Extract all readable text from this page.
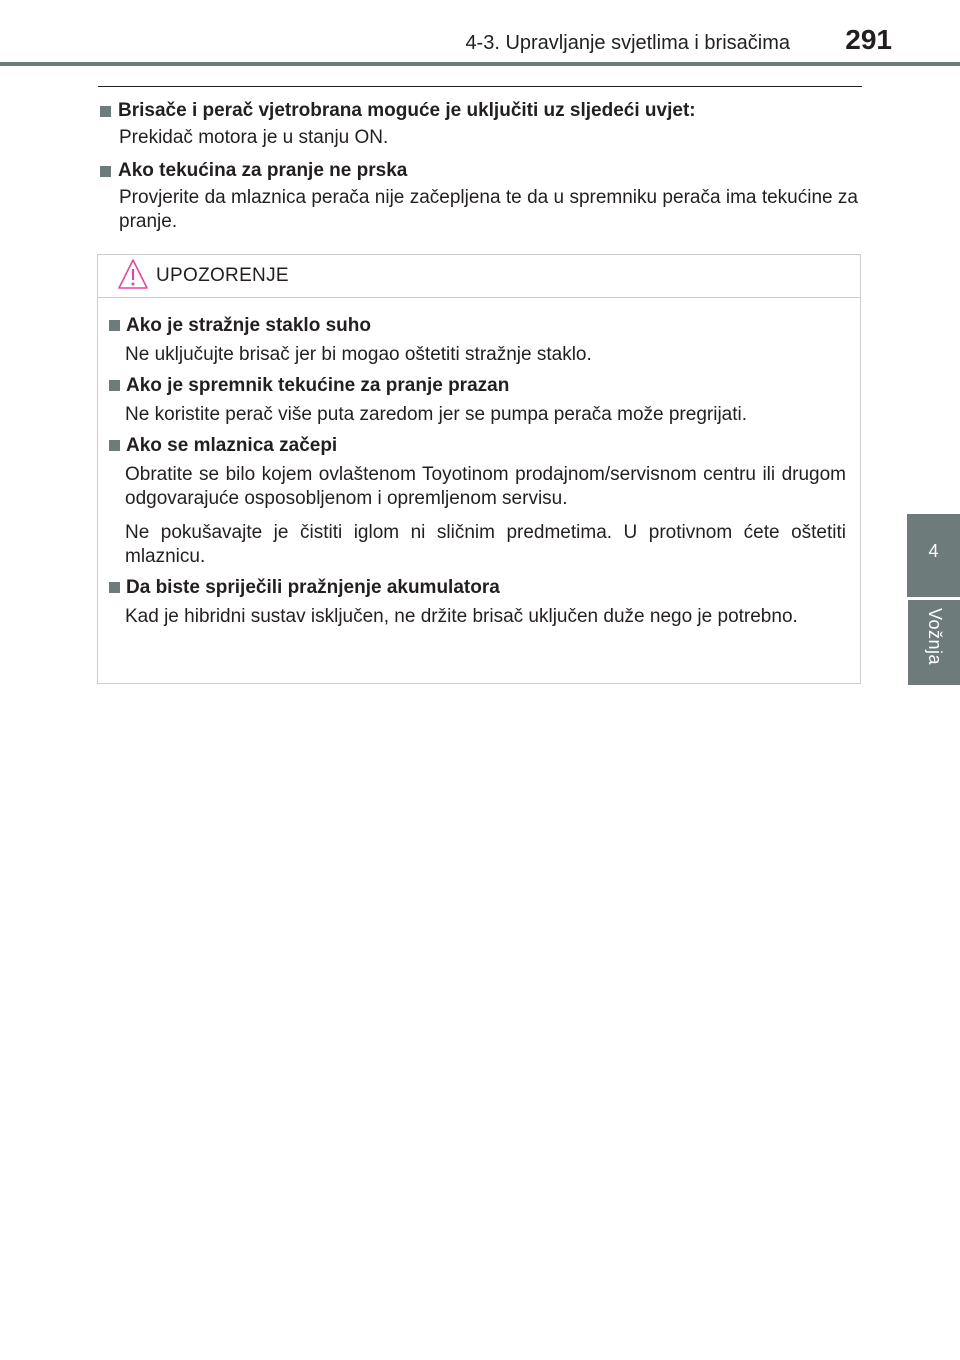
4-3. Upravljanje svjetlima i brisačima 291
4
Vožnja
Brisače i perač vjetrobrana moguće je uključiti uz sljedeći uvjet:
Prekidač motora je u stanju ON.
Ako tekućina za pranje ne prska
Provjerite da mlaznica perača nije začepljena te da u spremniku perača ima tekućine za pranje.
UPOZORENJE
Ako je stražnje staklo suho
Ne uključujte brisač jer bi mogao oštetiti stražnje staklo.
Ako je spremnik tekućine za pranje prazan
Ne koristite perač više puta zaredom jer se pumpa perača može pregrijati.
Ako se mlaznica začepi
Obratite se bilo kojem ovlaštenom Toyotinom prodajnom/servisnom centru ili drugom odgovarajuće osposobljenom i opremljenom servisu.
Ne pokušavajte je čistiti iglom ni sličnim predmetima. U protivnom ćete oštetiti mlaznicu.
Da biste spriječili pražnjenje akumulatora
Kad je hibridni sustav isključen, ne držite brisač uključen duže nego je potrebno.
